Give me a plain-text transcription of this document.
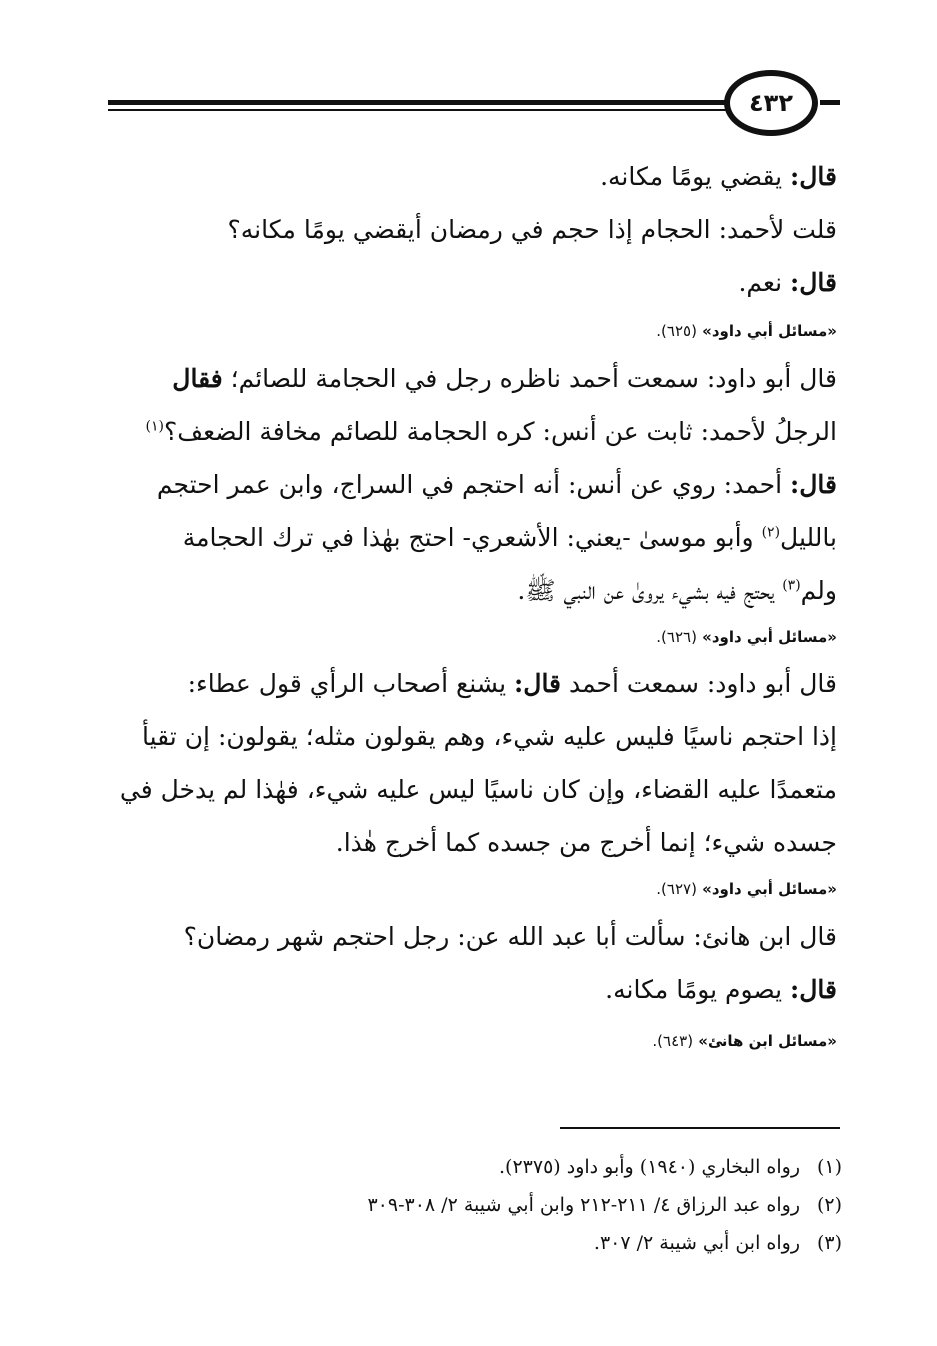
٤٣٢
قال: يقضي يومًا مكانه.
قلت لأحمد: الحجام إذا حجم في رمضان أيقضي يومًا مكانه؟
قال: نعم.
«مسائل أبي داود» (٦٢٥).
قال أبو داود: سمعت أحمد ناظره رجل في الحجامة للصائم؛ فقال
الرجلُ لأحمد: ثابت عن أنس: كره الحجامة للصائم مخافة الضعف؟$^{(١)}$
قال: أحمد: روي عن أنس: أنه احتجم في السراج، وابن عمر احتجم
بالليل$^{(٢)}$ وأبو موسىٰ -يعني: الأشعري- احتج بهٰذا في ترك الحجامة
ولم$^{(٣)}$ يحتج فيه بشيء يروىٰ عن النبي ﷺ.
«مسائل أبي داود» (٦٢٦).
قال أبو داود: سمعت أحمد قال: يشنع أصحاب الرأي قول عطاء:
إذا احتجم ناسيًا فليس عليه شيء، وهم يقولون مثله؛ يقولون: إن تقيأ
متعمدًا عليه القضاء، وإن كان ناسيًا ليس عليه شيء، فهٰذا لم يدخل في
جسده شيء؛ إنما أخرج من جسده كما أخرج هٰذا.
«مسائل أبي داود» (٦٢٧).
قال ابن هانئ: سألت أبا عبد الله عن: رجل احتجم شهر رمضان؟
قال: يصوم يومًا مكانه.
«مسائل ابن هانئ» (٦٤٣).
(١)رواه البخاري (١٩٤٠) وأبو داود (٢٣٧٥).
(٢)رواه عبد الرزاق ٤/ ٢١١-٢١٢ وابن أبي شيبة ٢/ ٣٠٨-٣٠٩
(٣)رواه ابن أبي شيبة ٢/ ٣٠٧.
